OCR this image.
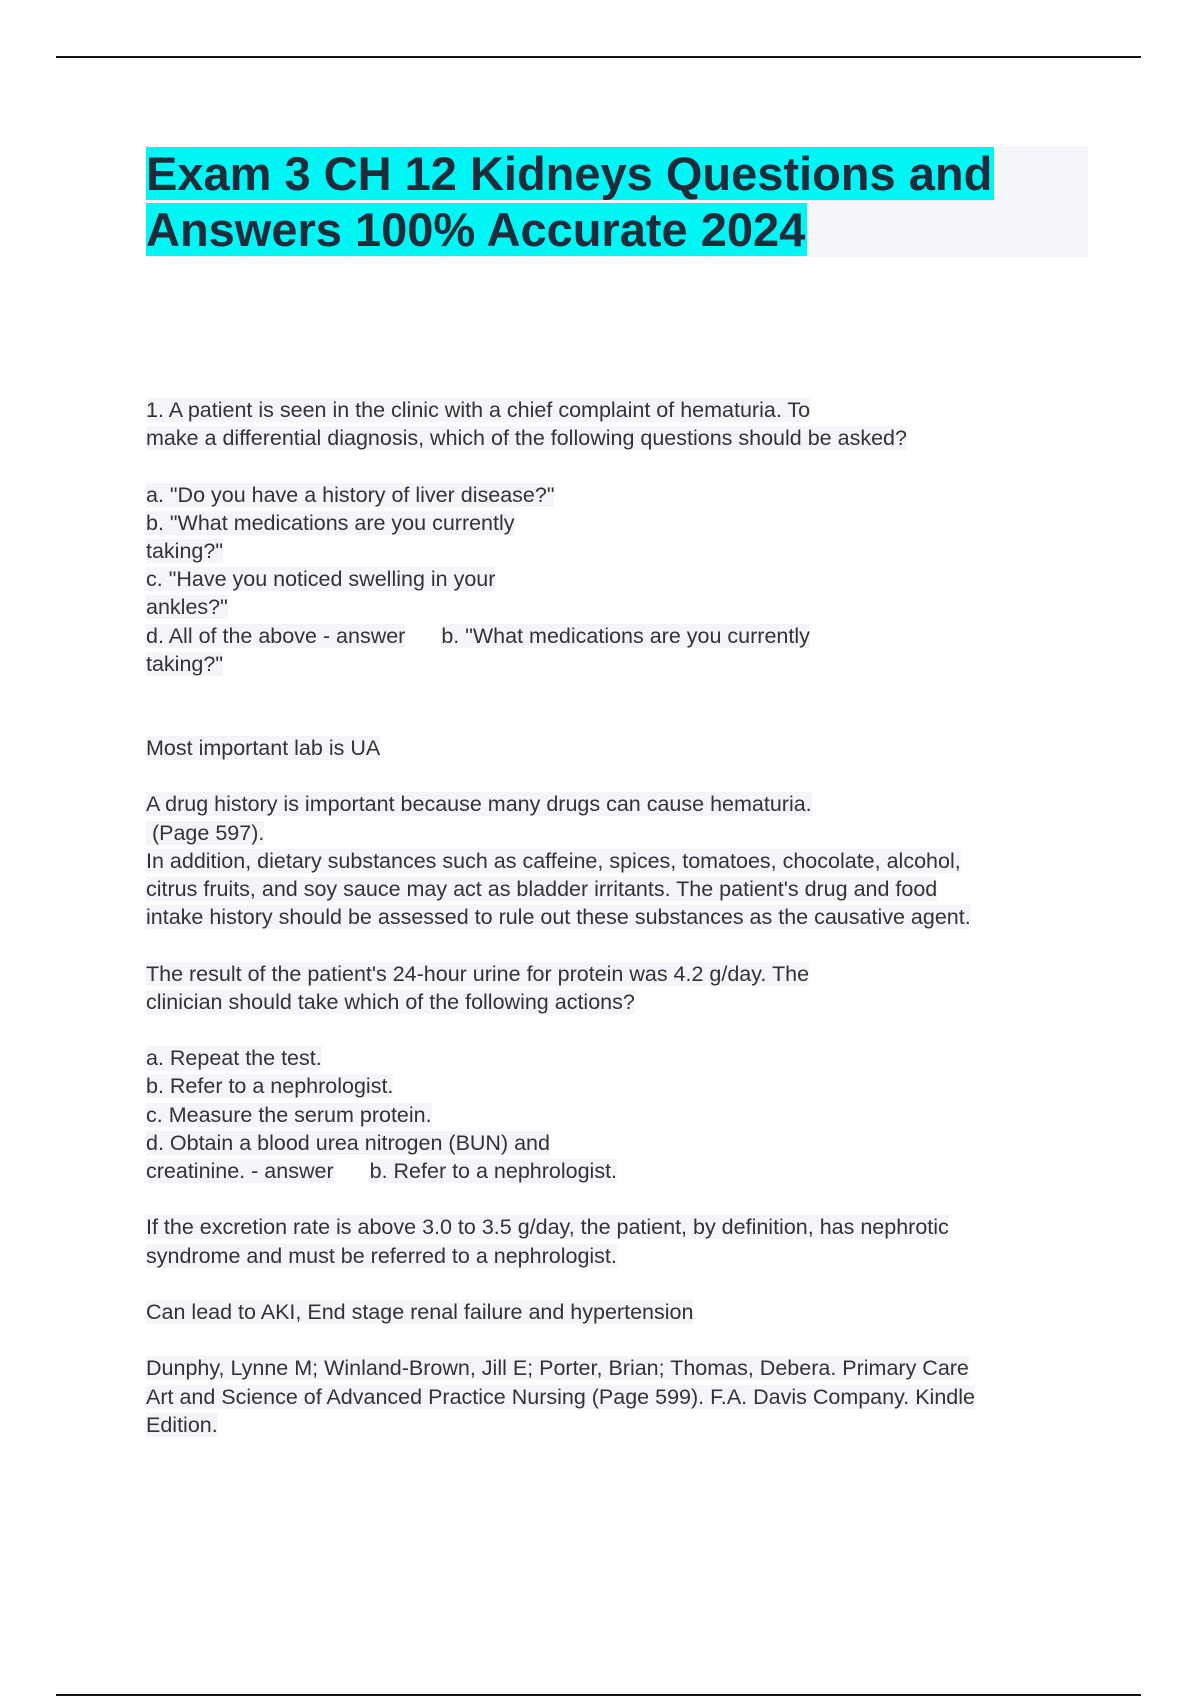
Exam 3 CH 12 Kidneys Questions and
Answers 100% Accurate 2024
1. A patient is seen in the clinic with a chief complaint of hematuria. To
make a differential diagnosis, which of the following questions should be asked?
a. "Do you have a history of liver disease?"
b. "What medications are you currently
taking?"
c. "Have you noticed swelling in your
ankles?"
d. All of the above - answer b. "What medications are you currently
taking?"
Most important lab is UA
A drug history is important because many drugs can cause hematuria.
(Page 597).
In addition, dietary substances such as caffeine, spices, tomatoes, chocolate, alcohol,
citrus fruits, and soy sauce may act as bladder irritants. The patient's drug and food
intake history should be assessed to rule out these substances as the causative agent.
The result of the patient's 24-hour urine for protein was 4.2 g/day. The
clinician should take which of the following actions?
a. Repeat the test.
b. Refer to a nephrologist.
c. Measure the serum protein.
d. Obtain a blood urea nitrogen (BUN) and
creatinine. - answer b. Refer to a nephrologist.
If the excretion rate is above 3.0 to 3.5 g/day, the patient, by definition, has nephrotic
syndrome and must be referred to a nephrologist.
Can lead to AKI, End stage renal failure and hypertension
Dunphy, Lynne M; Winland-Brown, Jill E; Porter, Brian; Thomas, Debera. Primary Care
Art and Science of Advanced Practice Nursing (Page 599). F.A. Davis Company. Kindle
Edition.
